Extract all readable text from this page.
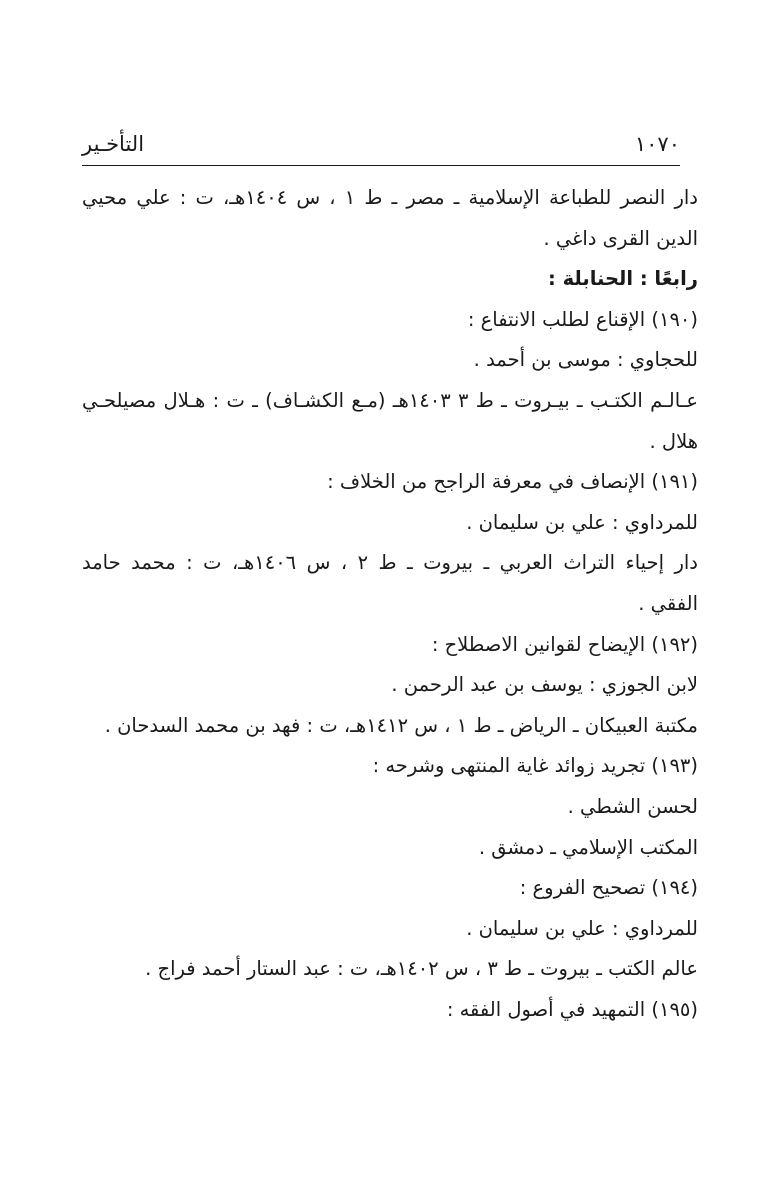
١٠٧٠
التأخـير
دار النصر للطباعة الإسلامية ـ مصر ـ ط ١ ، س ١٤٠٤هـ، ت : علي محيي
الدين القرى داغي .
رابعًا : الحنابلة :
(١٩٠) الإقناع لطلب الانتفاع :
للحجاوي : موسى بن أحمد .
عـالـم الكتـب ـ بيـروت ـ ط ٣ ١٤٠٣هـ (مـع الكشـاف) ـ ت : هـلال مصيلحـي
هلال .
(١٩١) الإنصاف في معرفة الراجح من الخلاف :
للمرداوي : علي بن سليمان .
دار إحياء التراث العربي ـ بيروت ـ ط ٢ ، س ١٤٠٦هـ، ت : محمد حامد
الفقي .
(١٩٢) الإيضاح لقوانين الاصطلاح :
لابن الجوزي : يوسف بن عبد الرحمن .
مكتبة العبيكان ـ الرياض ـ ط ١ ، س ١٤١٢هـ، ت : فهد بن محمد السدحان .
(١٩٣) تجريد زوائد غاية المنتهى وشرحه :
لحسن الشطي .
المكتب الإسلامي ـ دمشق .
(١٩٤) تصحيح الفروع :
للمرداوي : علي بن سليمان .
عالم الكتب ـ بيروت ـ ط ٣ ، س ١٤٠٢هـ، ت : عبد الستار أحمد فراج .
(١٩٥) التمهيد في أصول الفقه :
